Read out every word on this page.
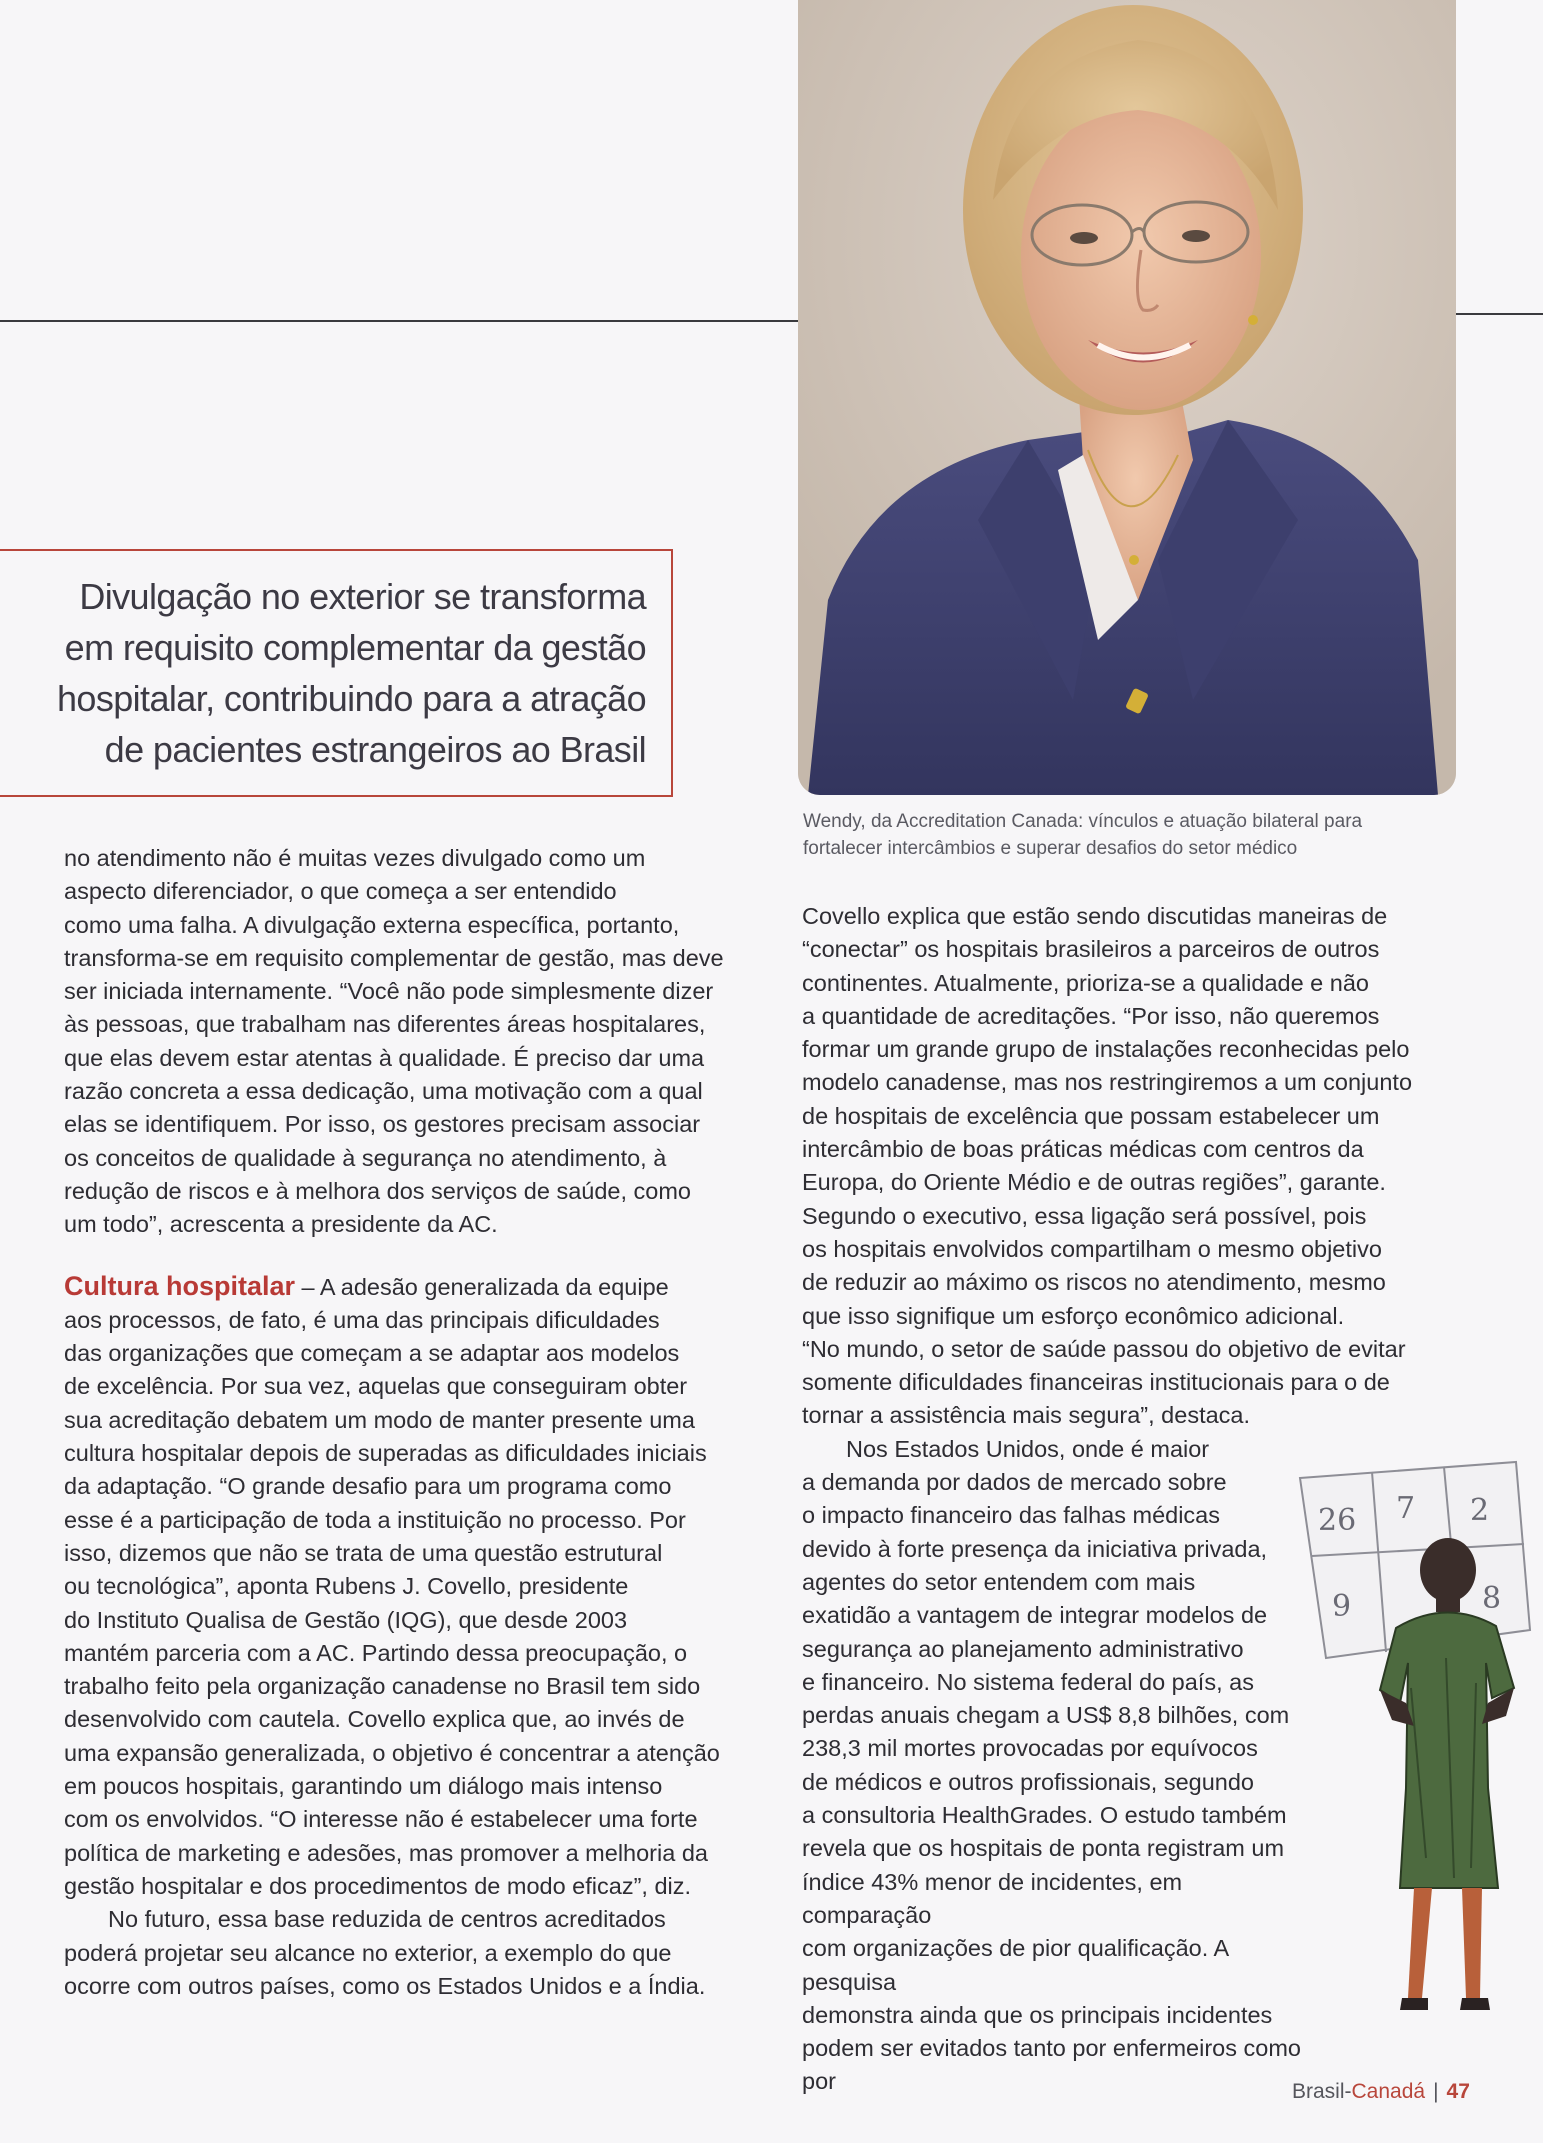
Wendy, da Accreditation Canada: vínculos e atuação bilateral para
fortalecer intercâmbios e superar desafios do setor médico
Divulgação no exterior se transforma
em requisito complementar da gestão
hospitalar, contribuindo para a atração
de pacientes estrangeiros ao Brasil

no atendimento não é muitas vezes divulgado como um
aspecto diferenciador, o que começa a ser entendido
como uma falha. A divulgação externa específica, portanto,
transforma-se em requisito complementar de gestão, mas deve
ser iniciada internamente. “Você não pode simplesmente dizer
às pessoas, que trabalham nas diferentes áreas hospitalares,
que elas devem estar atentas à qualidade. É preciso dar uma
razão concreta a essa dedicação, uma motivação com a qual
elas se identifiquem. Por isso, os gestores precisam associar
os conceitos de qualidade à segurança no atendimento, à
redução de riscos e à melhora dos serviços de saúde, como
um todo”, acrescenta a presidente da AC.

Cultura hospitalar – A adesão generalizada da equipe
aos processos, de fato, é uma das principais dificuldades
das organizações que começam a se adaptar aos modelos
de excelência. Por sua vez, aquelas que conseguiram obter
sua acreditação debatem um modo de manter presente uma
cultura hospitalar depois de superadas as dificuldades iniciais
da adaptação. “O grande desafio para um programa como
esse é a participação de toda a instituição no processo. Por
isso, dizemos que não se trata de uma questão estrutural
ou tecnológica”, aponta Rubens J. Covello, presidente
do Instituto Qualisa de Gestão (IQG), que desde 2003
mantém parceria com a AC. Partindo dessa preocupação, o
trabalho feito pela organização canadense no Brasil tem sido
desenvolvido com cautela. Covello explica que, ao invés de
uma expansão generalizada, o objetivo é concentrar a atenção
em poucos hospitais, garantindo um diálogo mais intenso
com os envolvidos. “O interesse não é estabelecer uma forte
política de marketing e adesões, mas promover a melhoria da
gestão hospitalar e dos procedimentos de modo eficaz”, diz.

No futuro, essa base reduzida de centros acreditados
poderá projetar seu alcance no exterior, a exemplo do que
ocorre com outros países, como os Estados Unidos e a Índia.

Covello explica que estão sendo discutidas maneiras de
“conectar” os hospitais brasileiros a parceiros de outros
continentes. Atualmente, prioriza-se a qualidade e não
a quantidade de acreditações. “Por isso, não queremos
formar um grande grupo de instalações reconhecidas pelo
modelo canadense, mas nos restringiremos a um conjunto
de hospitais de excelência que possam estabelecer um
intercâmbio de boas práticas médicas com centros da
Europa, do Oriente Médio e de outras regiões”, garante.
Segundo o executivo, essa ligação será possível, pois
os hospitais envolvidos compartilham o mesmo objetivo
de reduzir ao máximo os riscos no atendimento, mesmo
que isso signifique um esforço econômico adicional.
“No mundo, o setor de saúde passou do objetivo de evitar
somente dificuldades financeiras institucionais para o de
tornar a assistência mais segura”, destaca.

Nos Estados Unidos, onde é maior
a demanda por dados de mercado sobre
o impacto financeiro das falhas médicas
devido à forte presença da iniciativa privada,
agentes do setor entendem com mais
exatidão a vantagem de integrar modelos de
segurança ao planejamento administrativo
e financeiro. No sistema federal do país, as
perdas anuais chegam a US$ 8,8 bilhões, com
238,3 mil mortes provocadas por equívocos
de médicos e outros profissionais, segundo
a consultoria HealthGrades. O estudo também
revela que os hospitais de ponta registram um
índice 43% menor de incidentes, em comparação
com organizações de pior qualificação. A pesquisa
demonstra ainda que os principais incidentes
podem ser evitados tanto por enfermeiros como por

26 7 2
9	8
Brasil-Canadá | 47
